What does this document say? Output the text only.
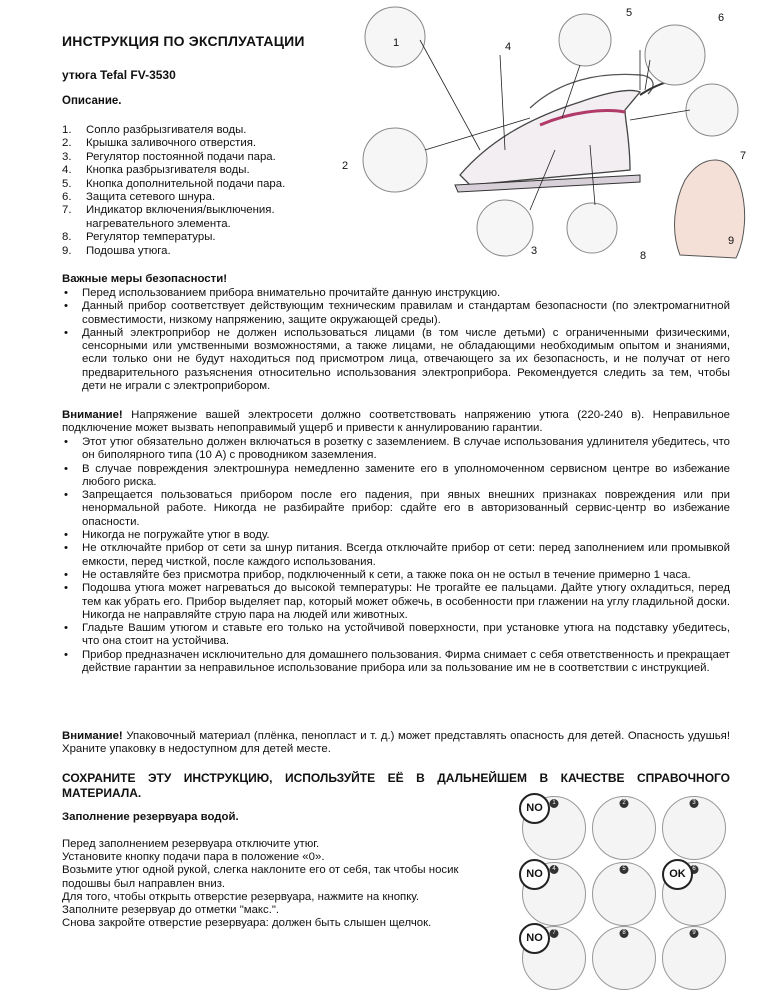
ИНСТРУКЦИЯ ПО ЭКСПЛУАТАЦИИ
утюга Tefal FV-3530
Описание.
1. Сопло разбрызгивателя воды.
2. Крышка заливочного отверстия.
3. Регулятор постоянной подачи пара.
4. Кнопка разбрызгивателя воды.
5. Кнопка дополнительной подачи пара.
6. Защита сетевого шнура.
7. Индикатор включения/выключения.
нагревательного элемента.
8. Регулятор температуры.
9. Подошва утюга.
1
2
3
4
5	6
7
8
9
Важные меры безопасности!
• Перед использованием прибора внимательно прочитайте данную инструкцию.
• Данный прибор соответствует действующим техническим правилам и стандартам безопасности (по электромагнитной совместимости, низкому напряжению, защите окружающей среды).
• Данный электроприбор не должен использоваться лицами (в том числе детьми) с ограниченными физическими, сенсорными или умственными возможностями, а также лицами, не обладающими необходимым опытом и знаниями, если только они не будут находиться под присмотром лица, отвечающего за их безопасность, и не получат от него предварительного разъяснения относительно использования электроприбора. Рекомендуется следить за тем, чтобы дети не играли с электроприбором.
Внимание! Напряжение вашей электросети должно соответствовать напряжению утюга (220-240 в). Неправильное подключение может вызвать непоправимый ущерб и привести к аннулированию гарантии.
• Этот утюг обязательно должен включаться в розетку с заземлением. В случае использования удлинителя убедитесь, что он биполярного типа (10 А) с проводником заземления.
• В случае повреждения электрошнура немедленно замените его в уполномоченном сервисном центре во избежание любого риска.
• Запрещается пользоваться прибором после его падения, при явных внешних признаках повреждения или при ненормальной работе. Никогда не разбирайте прибор: сдайте его в авторизованный сервис-центр во избежание опасности.
• Никогда не погружайте утюг в воду.
• Не отключайте прибор от сети за шнур питания. Всегда отключайте прибор от сети: перед заполнением или промывкой емкости, перед чисткой, после каждого использования.
• Не оставляйте без присмотра прибор, подключенный к сети, а также пока он не остыл в течение примерно 1 часа.
• Подошва утюга может нагреваться до высокой температуры: Не трогайте ее пальцами. Дайте утюгу охладиться, перед тем как убрать его. Прибор выделяет пар, который может обжечь, в особенности при глажении на углу гладильной доски. Никогда не направляйте струю пара на людей или животных.
• Гладьте Вашим утюгом и ставьте его только на устойчивой поверхности, при установке утюга на подставку убедитесь, что она стоит на устойчива.
• Прибор предназначен исключительно для домашнего пользования. Фирма снимает с себя ответственность и прекращает действие гарантии за неправильное использование прибора или за пользование им не в соответствии с инструкцией.
Внимание! Упаковочный материал (плёнка, пенопласт и т. д.) может представлять опасность для детей. Опасность удушья! Храните упаковку в недоступном для детей месте.
СОХРАНИТЕ ЭТУ ИНСТРУКЦИЮ, ИСПОЛЬЗУЙТЕ ЕЁ В ДАЛЬНЕЙШЕМ В КАЧЕСТВЕ СПРАВОЧНОГО МАТЕРИАЛА.
Заполнение резервуара водой.
Перед заполнением резервуара отключите утюг.
Установите кнопку подачи пара в положение «0».
Возьмите утюг одной рукой, слегка наклоните его от себя, так чтобы носик подошвы был направлен вниз.
Для того, чтобы открыть отверстие резервуара, нажмите на кнопку.
Заполните резервуар до отметки "макс.".
Снова закройте отверстие резервуара: должен быть слышен щелчок.
1	2	3
4	5	6
7	8	9
NO
NO	OK
NO
